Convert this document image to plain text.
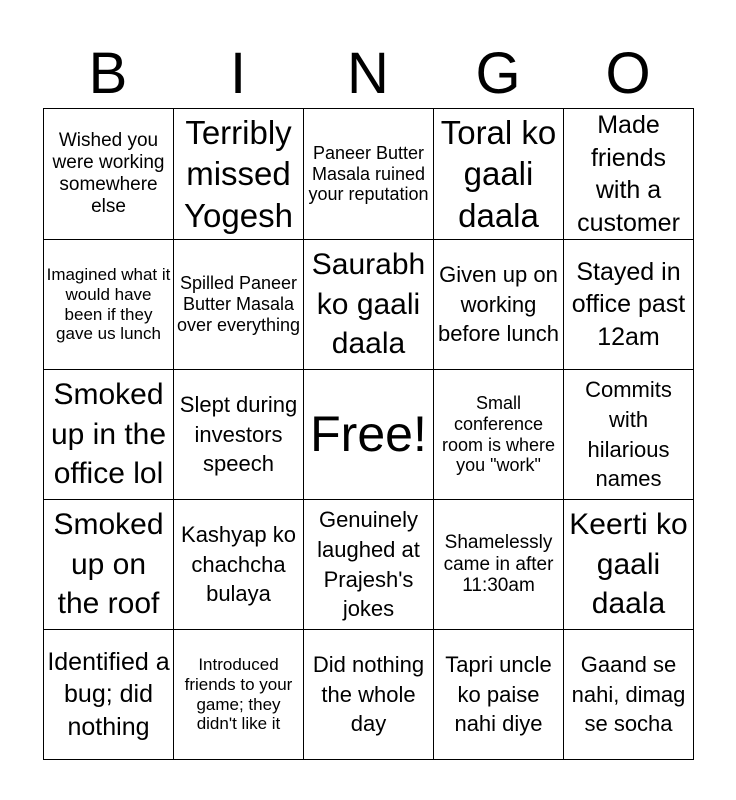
B	I	N	G	O
Wished you were working somewhere else	Terribly missed Yogesh	Paneer Butter Masala ruined your reputation	Toral ko gaali daala	Made friends with a customer
Imagined what it would have been if they gave us lunch	Spilled Paneer Butter Masala over everything	Saurabh ko gaali daala	Given up on working before lunch	Stayed in office past 12am
Smoked up in the office lol	Slept during investors speech	Free!	Small conference room is where you "work"	Commits with hilarious names
Smoked up on the roof	Kashyap ko chachcha bulaya	Genuinely laughed at Prajesh's jokes	Shamelessly came in after 11:30am	Keerti ko gaali daala
Identified a bug; did nothing	Introduced friends to your game; they didn't like it	Did nothing the whole day	Tapri uncle ko paise nahi diye	Gaand se nahi, dimag se socha
